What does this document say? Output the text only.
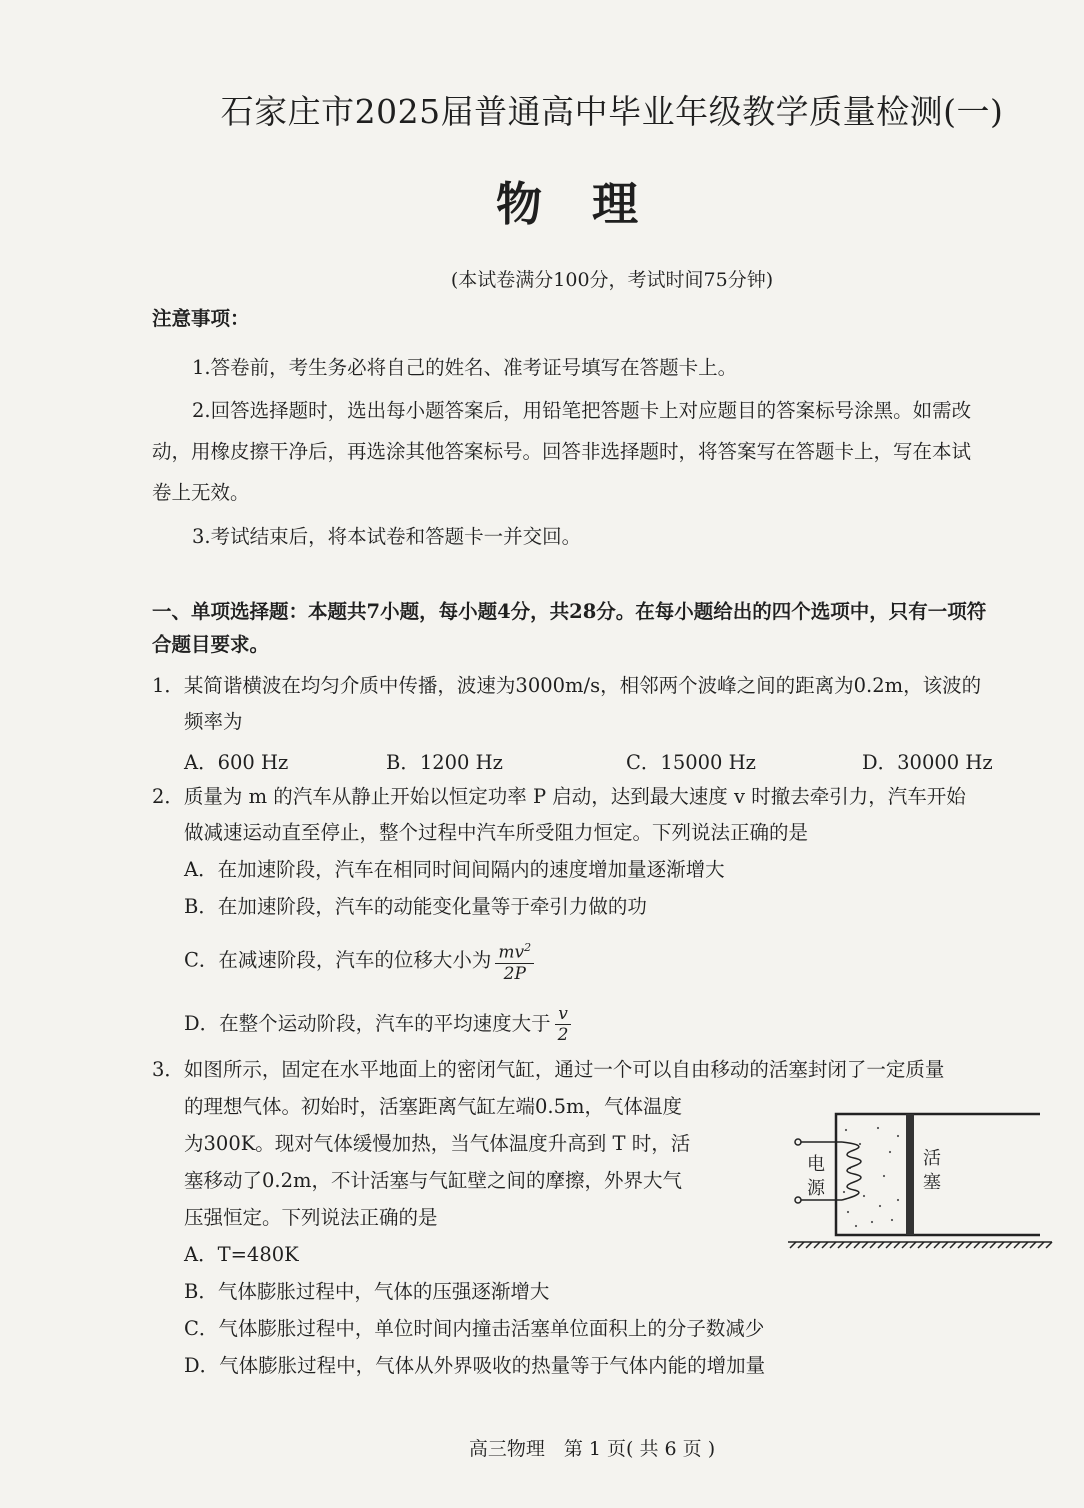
石家庄市2025届普通高中毕业年级教学质量检测(一)
物理
(本试卷满分100分，考试时间75分钟)
注意事项：
1.答卷前，考生务必将自己的姓名、准考证号填写在答题卡上。
2.回答选择题时，选出每小题答案后，用铅笔把答题卡上对应题目的答案标号涂黑。如需改
动，用橡皮擦干净后，再选涂其他答案标号。回答非选择题时，将答案写在答题卡上，写在本试
卷上无效。
3.考试结束后，将本试卷和答题卡一并交回。
一、单项选择题：本题共7小题，每小题4分，共28分。在每小题给出的四个选项中，只有一项符
合题目要求。
1．某简谐横波在均匀介质中传播，波速为3000m/s，相邻两个波峰之间的距离为0.2m，该波的
频率为
A．600 Hz	B．1200 Hz	C．15000 Hz	D．30000 Hz
2．质量为 m 的汽车从静止开始以恒定功率 P 启动，达到最大速度 v 时撤去牵引力，汽车开始
做减速运动直至停止，整个过程中汽车所受阻力恒定。下列说法正确的是
A．在加速阶段，汽车在相同时间间隔内的速度增加量逐渐增大
B．在加速阶段，汽车的动能变化量等于牵引力做的功
C．在减速阶段，汽车的位移大小为 $\frac{mv^2}{2P}$
D．在整个运动阶段，汽车的平均速度大于 $\frac{v}{2}$
3．如图所示，固定在水平地面上的密闭气缸，通过一个可以自由移动的活塞封闭了一定质量
的理想气体。初始时，活塞距离气缸左端0.5m，气体温度
为300K。现对气体缓慢加热，当气体温度升高到 T 时，活
塞移动了0.2m，不计活塞与气缸壁之间的摩擦，外界大气
压强恒定。下列说法正确的是
A．T=480K
B．气体膨胀过程中，气体的压强逐渐增大
C．气体膨胀过程中，单位时间内撞击活塞单位面积上的分子数减少
D．气体膨胀过程中，气体从外界吸收的热量等于气体内能的增加量
电
源
活
塞
高三物理　第 1 页( 共 6 页 )
